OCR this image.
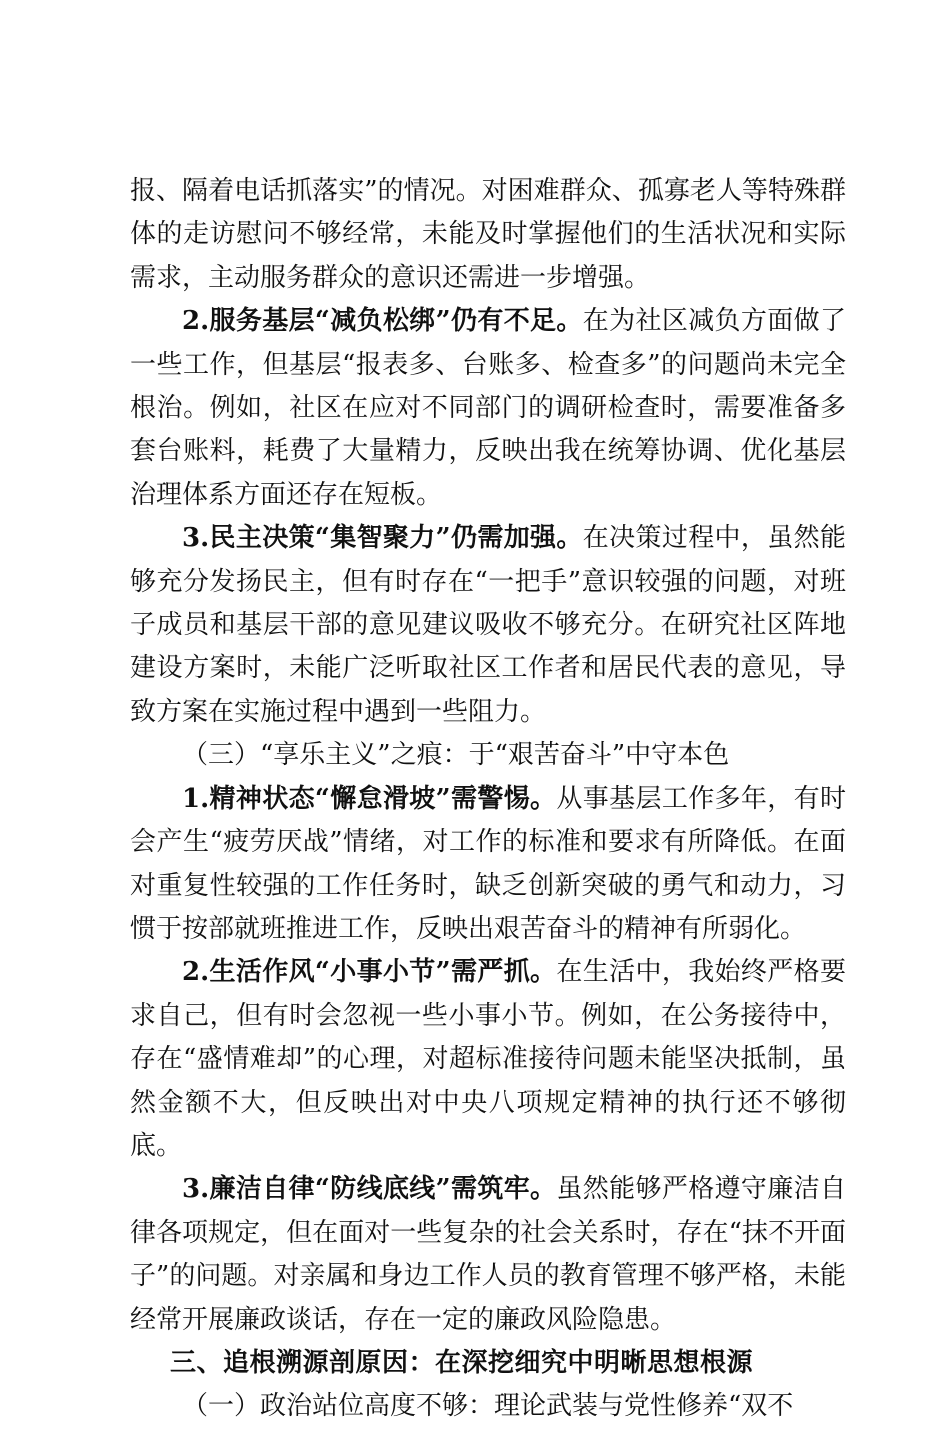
报、隔着电话抓落实”的情况。对困难群众、孤寡老人等特殊群体的走访慰问不够经常，未能及时掌握他们的生活状况和实际需求，主动服务群众的意识还需进一步增强。

2.服务基层“减负松绑”仍有不足。在为社区减负方面做了一些工作，但基层“报表多、台账多、检查多”的问题尚未完全根治。例如，社区在应对不同部门的调研检查时，需要准备多套台账料，耗费了大量精力，反映出我在统筹协调、优化基层治理体系方面还存在短板。

3.民主决策“集智聚力”仍需加强。在决策过程中，虽然能够充分发扬民主，但有时存在“一把手”意识较强的问题，对班子成员和基层干部的意见建议吸收不够充分。在研究社区阵地建设方案时，未能广泛听取社区工作者和居民代表的意见，导致方案在实施过程中遇到一些阻力。

（三）“享乐主义”之痕：于“艰苦奋斗”中守本色

1.精神状态“懈怠滑坡”需警惕。从事基层工作多年，有时会产生“疲劳厌战”情绪，对工作的标准和要求有所降低。在面对重复性较强的工作任务时，缺乏创新突破的勇气和动力，习惯于按部就班推进工作，反映出艰苦奋斗的精神有所弱化。

2.生活作风“小事小节”需严抓。在生活中，我始终严格要求自己，但有时会忽视一些小事小节。例如，在公务接待中，存在“盛情难却”的心理，对超标准接待问题未能坚决抵制，虽然金额不大，但反映出对中央八项规定精神的执行还不够彻底。

3.廉洁自律“防线底线”需筑牢。虽然能够严格遵守廉洁自律各项规定，但在面对一些复杂的社会关系时，存在“抹不开面子”的问题。对亲属和身边工作人员的教育管理不够严格，未能经常开展廉政谈话，存在一定的廉政风险隐患。

三、追根溯源剖原因：在深挖细究中明晰思想根源

（一）政治站位高度不够：理论武装与党性修养“双不
